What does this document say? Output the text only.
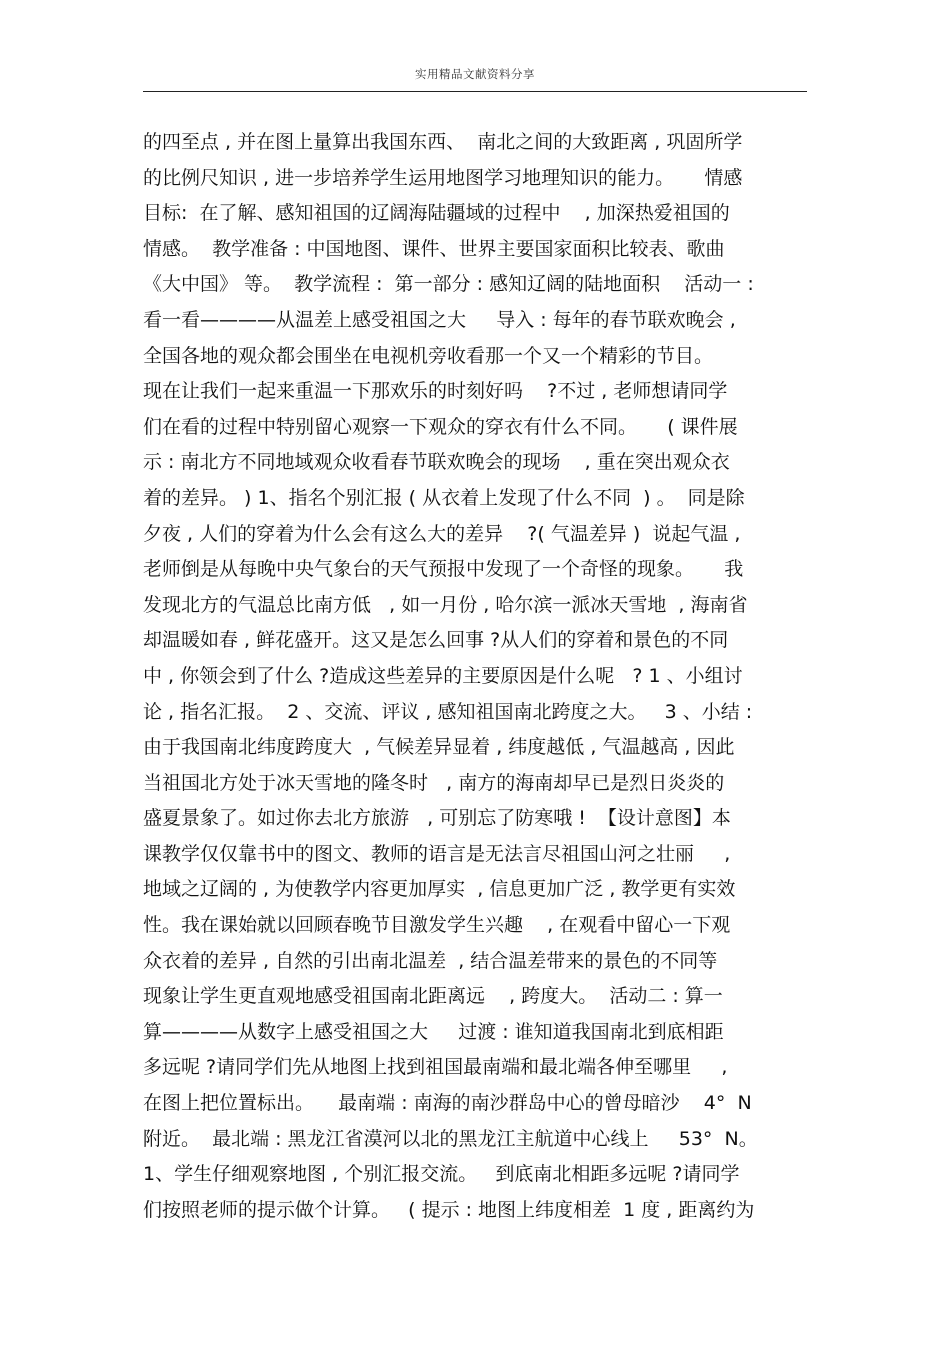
实用精品文献资料分享
的四至点 , 并在图上量算出我国东西、  南北之间的大致距离 , 巩固所学
的比例尺知识 , 进一步培养学生运用地图学习地理知识的能力。     情感
目标:  在了解、感知祖国的辽阔海陆疆域的过程中    , 加深热爱祖国的
情感。  教学准备 : 中国地图、课件、世界主要国家面积比较表、歌曲
《大中国》 等。  教学流程 :  第一部分 : 感知辽阔的陆地面积    活动一 :
看一看————从温差上感受祖国之大     导入 : 每年的春节联欢晚会 ,
全国各地的观众都会围坐在电视机旁收看那一个又一个精彩的节目。
现在让我们一起来重温一下那欢乐的时刻好吗    ?不过 , 老师想请同学
们在看的过程中特别留心观察一下观众的穿衣有什么不同。     ( 课件展
示 : 南北方不同地域观众收看春节联欢晚会的现场    , 重在突出观众衣
着的差异。 ) 1、指名个别汇报 ( 从衣着上发现了什么不同  ) 。  同是除
夕夜 , 人们的穿着为什么会有这么大的差异    ?( 气温差异 )  说起气温 ,
老师倒是从每晚中央气象台的天气预报中发现了一个奇怪的现象。     我
发现北方的气温总比南方低   , 如一月份 , 哈尔滨一派冰天雪地  , 海南省
却温暖如春 , 鲜花盛开。这又是怎么回事 ?从人们的穿着和景色的不同
中 , 你领会到了什么 ?造成这些差异的主要原因是什么呢   ? 1 、小组讨
论 , 指名汇报。  2 、交流、评议 , 感知祖国南北跨度之大。   3 、小结 :
由于我国南北纬度跨度大  , 气候差异显着 , 纬度越低 , 气温越高 , 因此
当祖国北方处于冰天雪地的隆冬时   , 南方的海南却早已是烈日炎炎的
盛夏景象了。如过你去北方旅游   , 可别忘了防寒哦 !  【设计意图】本
课教学仅仅靠书中的图文、教师的语言是无法言尽祖国山河之壮丽     ,
地域之辽阔的 , 为使教学内容更加厚实  , 信息更加广泛 , 教学更有实效
性。我在课始就以回顾春晚节目激发学生兴趣    , 在观看中留心一下观
众衣着的差异 , 自然的引出南北温差  , 结合温差带来的景色的不同等
现象让学生更直观地感受祖国南北距离远    , 跨度大。  活动二 : 算一
算————从数字上感受祖国之大     过渡 : 谁知道我国南北到底相距
多远呢 ?请同学们先从地图上找到祖国最南端和最北端各伸至哪里     ,
在图上把位置标出。    最南端 : 南海的南沙群岛中心的曾母暗沙    4°  N
附近。  最北端 : 黑龙江省漠河以北的黑龙江主航道中心线上     53°  N。
1、学生仔细观察地图 , 个别汇报交流。   到底南北相距多远呢 ?请同学
们按照老师的提示做个计算。   ( 提示 : 地图上纬度相差  1 度 , 距离约为
